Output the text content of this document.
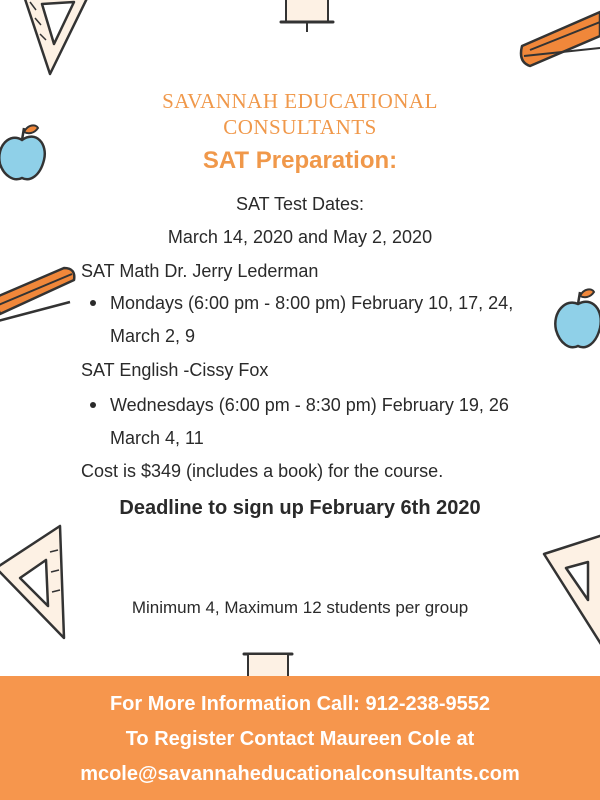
SAVANNAH EDUCATIONAL CONSULTANTS
SAT Preparation:
SAT Test Dates:
March 14, 2020 and May 2, 2020
SAT Math Dr. Jerry Lederman
Mondays (6:00 pm - 8:00 pm) February 10, 17, 24,
March 2, 9
SAT English -Cissy Fox
Wednesdays (6:00 pm - 8:30 pm) February 19, 26
March 4, 11
Cost is $349 (includes a book) for the course.
Deadline to sign up February 6th 2020
Minimum 4, Maximum 12 students per group
For More Information Call: 912-238-9552
To Register Contact Maureen Cole at
mcole@savannaheducationalconsultants.com
